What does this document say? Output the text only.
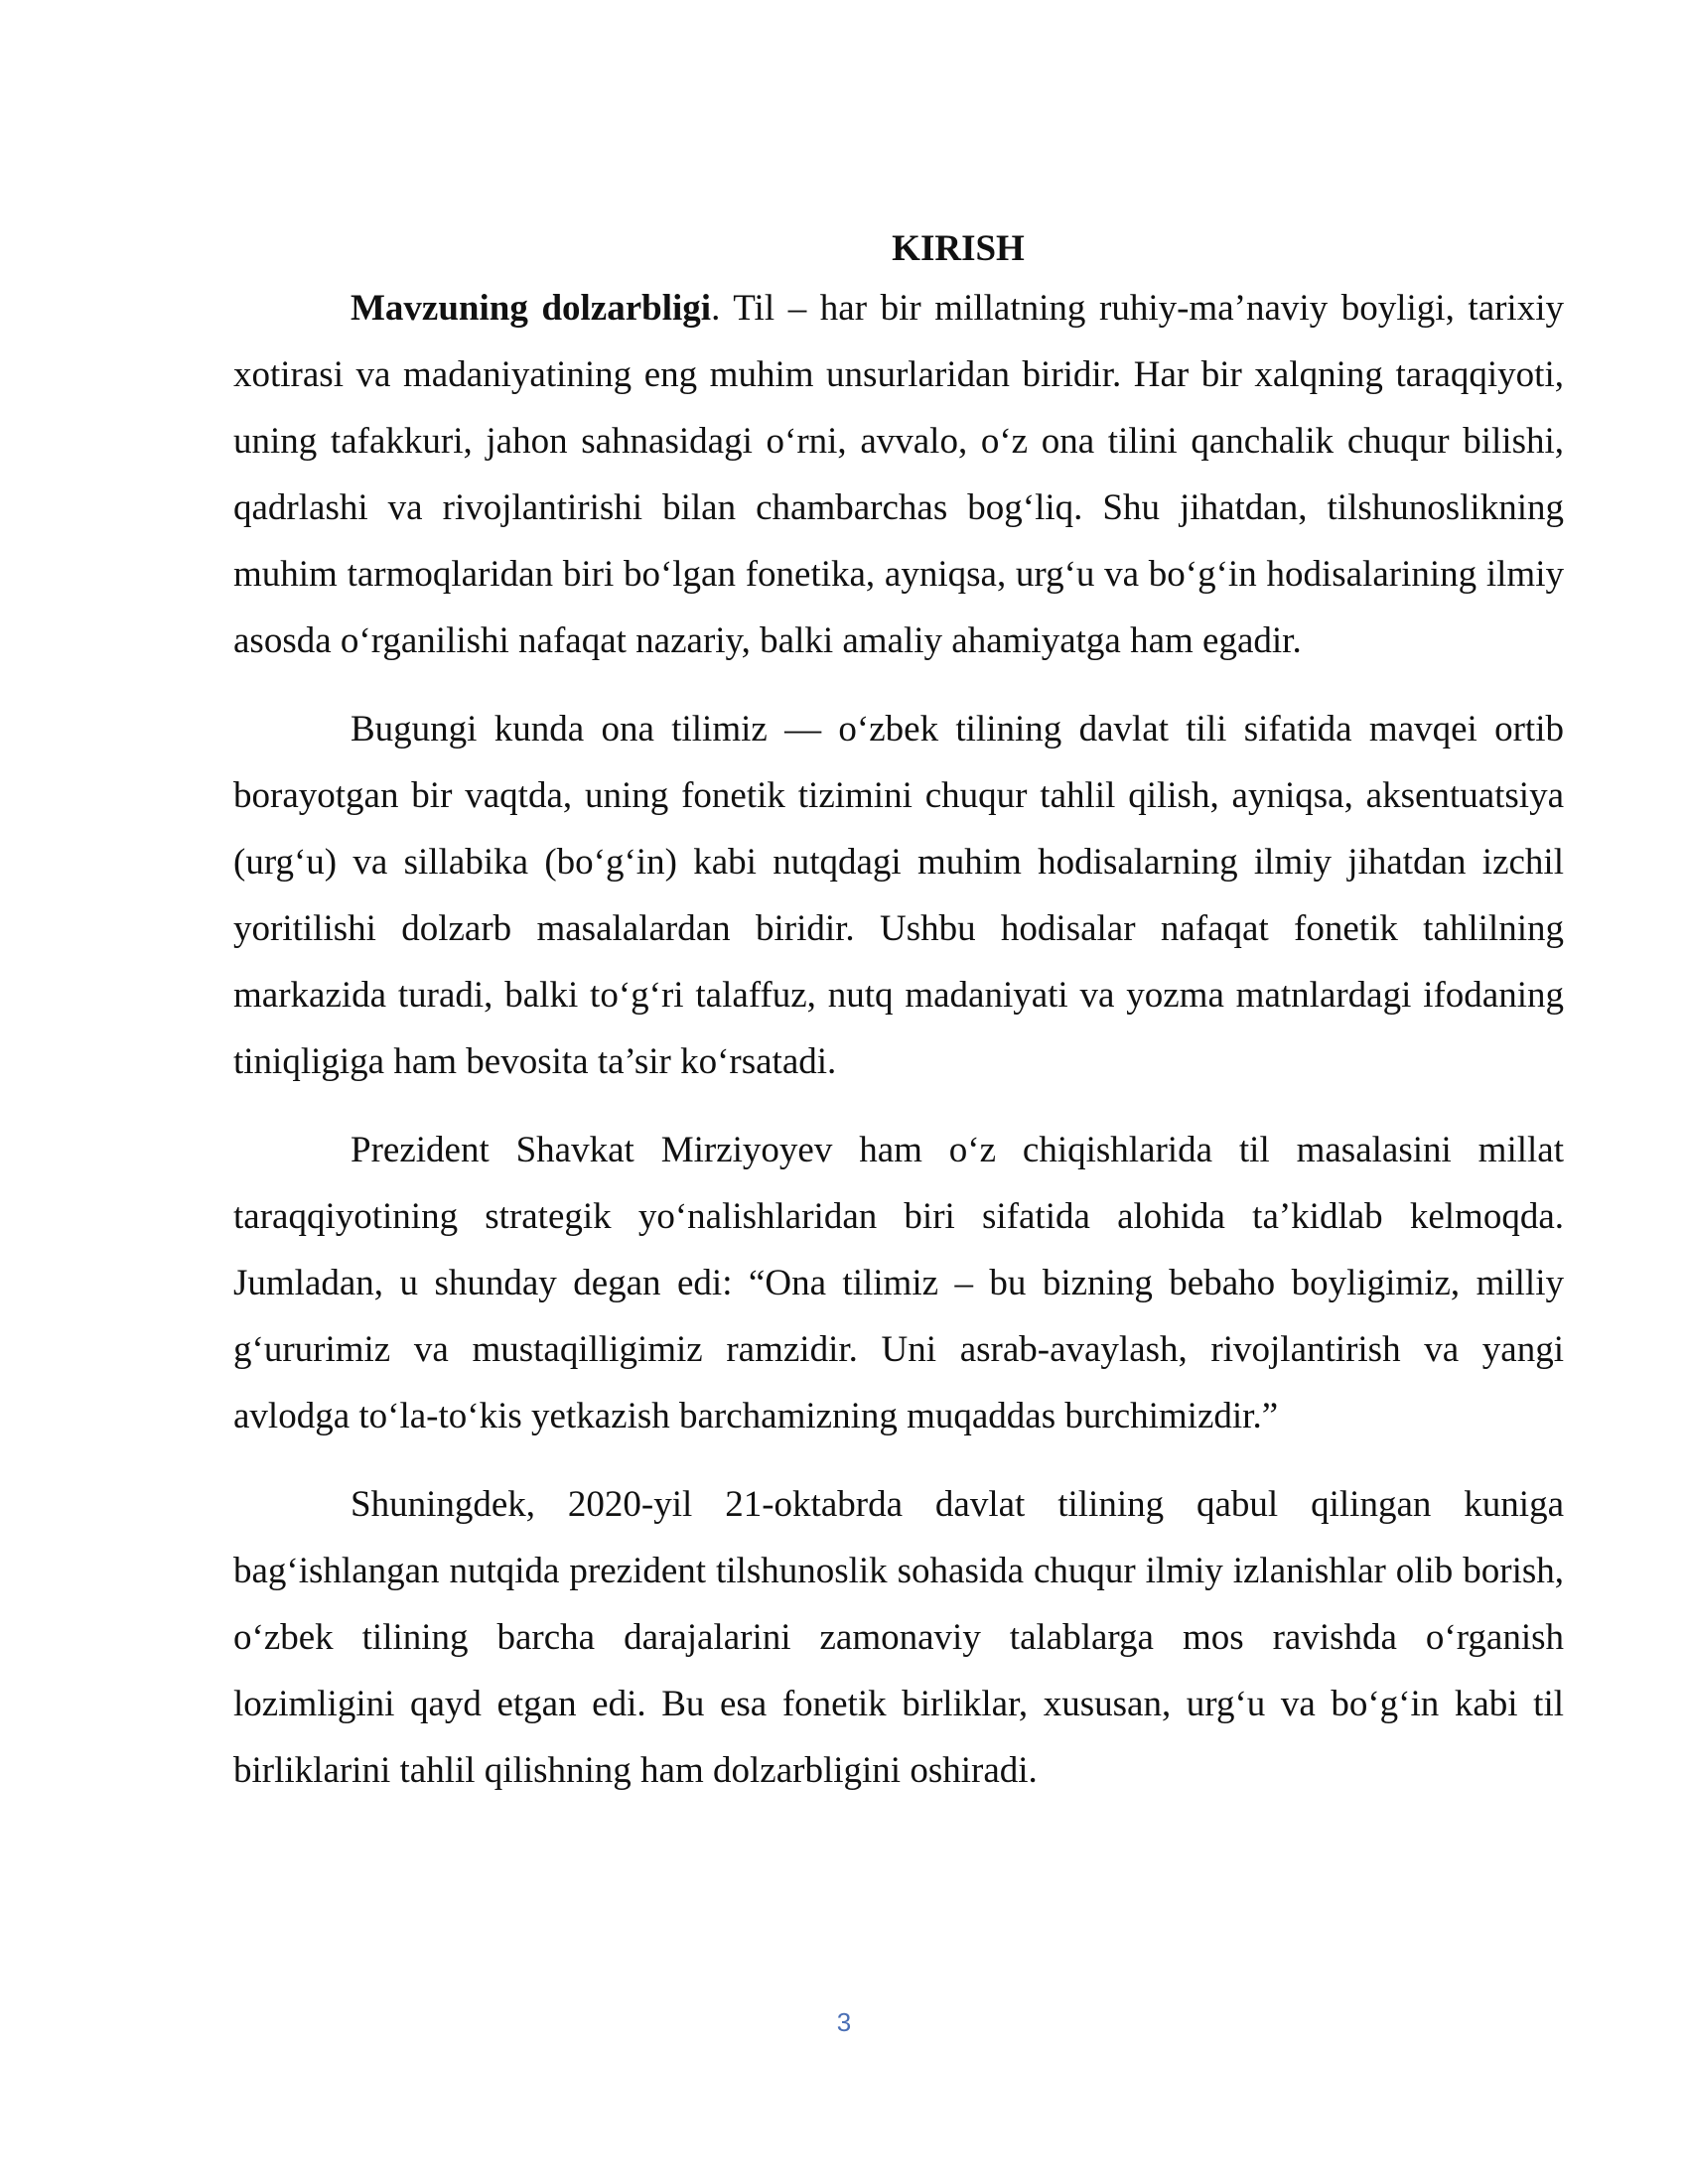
KIRISH

Mavzuning dolzarbligi. Til – har bir millatning ruhiy-ma’naviy boyligi, tarixiy xotirasi va madaniyatining eng muhim unsurlaridan biridir. Har bir xalqning taraqqiyoti, uning tafakkuri, jahon sahnasidagi o‘rni, avvalo, o‘z ona tilini qanchalik chuqur bilishi, qadrlashi va rivojlantirishi bilan chambarchas bog‘liq. Shu jihatdan, tilshunoslikning muhim tarmoqlaridan biri bo‘lgan fonetika, ayniqsa, urg‘u va bo‘g‘in hodisalarining ilmiy asosda o‘rganilishi nafaqat nazariy, balki amaliy ahamiyatga ham egadir.

Bugungi kunda ona tilimiz — o‘zbek tilining davlat tili sifatida mavqei ortib borayotgan bir vaqtda, uning fonetik tizimini chuqur tahlil qilish, ayniqsa, aksentuatsiya (urg‘u) va sillabika (bo‘g‘in) kabi nutqdagi muhim hodisalarning ilmiy jihatdan izchil yoritilishi dolzarb masalalardan biridir. Ushbu hodisalar nafaqat fonetik tahlilning markazida turadi, balki to‘g‘ri talaffuz, nutq madaniyati va yozma matnlardagi ifodaning tiniqligiga ham bevosita ta’sir ko‘rsatadi.

Prezident Shavkat Mirziyoyev ham o‘z chiqishlarida til masalasini millat taraqqiyotining strategik yo‘nalishlaridan biri sifatida alohida ta’kidlab kelmoqda. Jumladan, u shunday degan edi: “Ona tilimiz – bu bizning bebaho boyligimiz, milliy g‘ururimiz va mustaqilligimiz ramzidir. Uni asrab-avaylash, rivojlantirish va yangi avlodga to‘la-to‘kis yetkazish barchamizning muqaddas burchimizdir.”

Shuningdek, 2020-yil 21-oktabrda davlat tilining qabul qilingan kuniga bag‘ishlangan nutqida prezident tilshunoslik sohasida chuqur ilmiy izlanishlar olib borish, o‘zbek tilining barcha darajalarini zamonaviy talablarga mos ravishda o‘rganish lozimligini qayd etgan edi. Bu esa fonetik birliklar, xususan, urg‘u va bo‘g‘in kabi til birliklarini tahlil qilishning ham dolzarbligini oshiradi.

3
